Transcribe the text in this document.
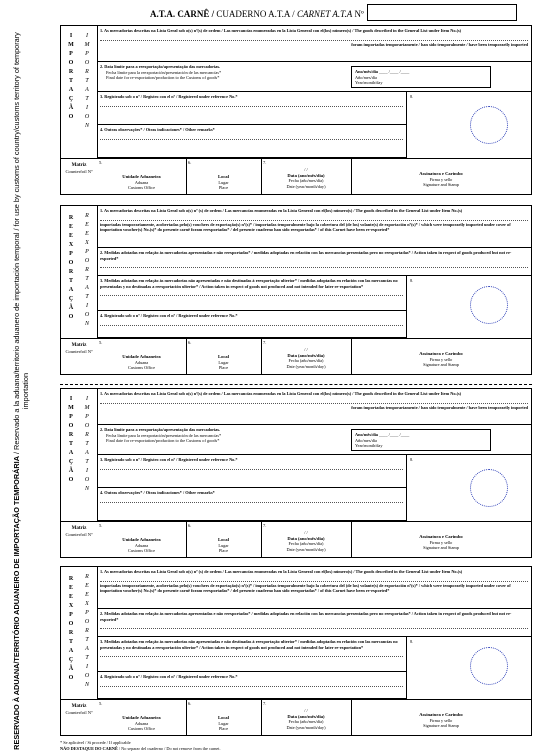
A.T.A. CARNÊ / CUADERNO A.T.A / CARNET A.T.A Nº
RESERVADO À ADUANA/TERRITÓRIO ADUANEIRO DE IMPORTAÇÃO TEMPORÁRIA / Reservado a la aduana/territorio aduanero de importación temporal / for use by customs of country/customs territory of temporary importation
I
M
P
O
R
T
A
Ç
Ã
O
I
M
P
O
R
T
A
T
I
O
N
Matriz
Counterfoil Nº
1. As mercadorias descritas na Lista Geral sob o(s) nº(s) de ordem / Las mercancías enumeradas en la Lista General con el(los) número(s) / The goods described in the General List under Item No.(s)
foram importadas temporariamente / han sido temporalmente / have been temporarily imported
2. Data limite para a reexportação/apresentação das mercadorias.
Fecha límite para la reexportación/presentación de las mercancías*
Final date for re-exportation/production to the Customs of goods*
Ano/mês/dia ____ /____ /____
Año/mes/día
Year/month/day
3. Registrado sob o nº / Registro con el nº / Registered under reference No.*
4. Outras observações* / Otras indicaciones* / Other remarks*
8.
5.	6.	7.
Unidade Aduaneira
Aduana
Customs Office
Local
Lugar
Place
/ /
Data (ano/mês/dia)
Fecha (año/mes/día)
Date (year/month/day)
Assinatura e Carimbo
Firma y sello
Signature and Stamp
R
E
E
X
P
O
R
T
A
Ç
Ã
O
R
E
E
X
P
O
R
T
A
T
I
O
N
Matriz
Counterfoil Nº
1. As mercadorias descritas na Lista Geral sob o(s) nº (s) de ordem / Las mercancías enumeradas en la Lista General con el(los) número(s) / The goods described in the General List under Item No.(s)
importadas temporariamente, acobertadas pelo(s) vouchers de exportação(s) nº(s)* / importadas temporalmente bajo la cobertura del (de los) volante(s) de exportación nº(s)* / which were temporarily imported under cover of importation voucher(s) No.(s)* do presente carnê foram reexportadas* / del presente cuaderno han sido reexportadas* / of this Carnet have been re-exported*
2. Medidas adotadas em relação às mercadorias apresentadas e não reexportadas* / medidas adoptadas en relación con las mercancías presentadas pero no reexportadas* / Action taken in respect of goods produced but not re-exported*
3. Medidas adotadas em relação às mercadorias não apresentadas e não destinadas à reexportação ulterior* / medidas adoptadas en relación con las mercancías no presentadas y no destinadas a reexportación ulterior* / Action taken in respect of goods not produced and not intended for later re-exportation*
4. Registrado sob o nº / Registro con el nº / Registered under reference No.*
8.
5.	6.	7.
Unidade Aduaneira
Aduana
Customs Office
Local
Lugar
Place
/ /
Data (ano/mês/dia)
Fecha (año/mes/día)
Date (year/month/day)
Assinatura e Carimbo
Firma y sello
Signature and Stamp
I
M
P
O
R
T
A
Ç
Ã
O
I
M
P
O
R
T
A
T
I
O
N
Matriz
Counterfoil Nº
1. As mercadorias descritas na Lista Geral sob o(s) nº(s) de ordem / Las mercancías enumeradas en la Lista General con el(los) número(s) / The goods described in the General List under Item No.(s)
foram importadas temporariamente / han sido temporalmente / have been temporarily imported
2. Data limite para a reexportação/apresentação das mercadorias.
Fecha límite para la reexportación/presentación de las mercancías*
Final date for re-exportation/production to the Customs of goods*
Ano/mês/dia ____ /____ /____
Año/mes/día
Year/month/day
3. Registrado sob o nº / Registro con el nº / Registered under reference No.*
4. Outras observações* / Otras indicaciones* / Other remarks*
8.
5.	6.	7.
Unidade Aduaneira
Aduana
Customs Office
Local
Lugar
Place
/ /
Data (ano/mês/dia)
Fecha (año/mes/día)
Date (year/month/day)
Assinatura e Carimbo
Firma y sello
Signature and Stamp
R
E
E
X
P
O
R
T
A
Ç
Ã
O
R
E
E
X
P
O
R
T
A
T
I
O
N
Matriz
Counterfoil Nº
1. As mercadorias descritas na Lista Geral sob o(s) nº (s) de ordem / Las mercancías enumeradas en la Lista General con el(los) número(s) / The goods described in the General List under Item No.(s)
importadas temporariamente, acobertadas pelo(s) vouchers de exportação(s) nº(s)* / importadas temporalmente bajo la cobertura del (de los) volante(s) de exportación nº(s)* / which were temporarily imported under cover of importation voucher(s) No.(s)* do presente carnê foram reexportadas* / del presente cuaderno han sido reexportadas* / of this Carnet have been re-exported*
2. Medidas adotadas em relação às mercadorias apresentadas e não reexportadas* / medidas adoptadas en relación con las mercancías presentadas pero no reexportadas* / Action taken in respect of goods produced but not re-exported*
3. Medidas adotadas em relação às mercadorias não apresentadas e não destinadas à reexportação ulterior* / medidas adoptadas en relación con las mercancías no presentadas y no destinadas a reexportación ulterior* / Action taken in respect of goods not produced and not intended for later re-exportation*
4. Registrado sob o nº / Registro con el nº / Registered under reference No.*
8.
5.	6.	7.
Unidade Aduaneira
Aduana
Customs Office
Local
Lugar
Place
/ /
Data (ano/mês/dia)
Fecha (año/mes/día)
Date (year/month/day)
Assinatura e Carimbo
Firma y sello
Signature and Stamp
* Se aplicável / Si procede / If applicable
NÃO DESTAQUE DO CARNÊ / No separar del cuaderno / Do not remove from the carnet.
